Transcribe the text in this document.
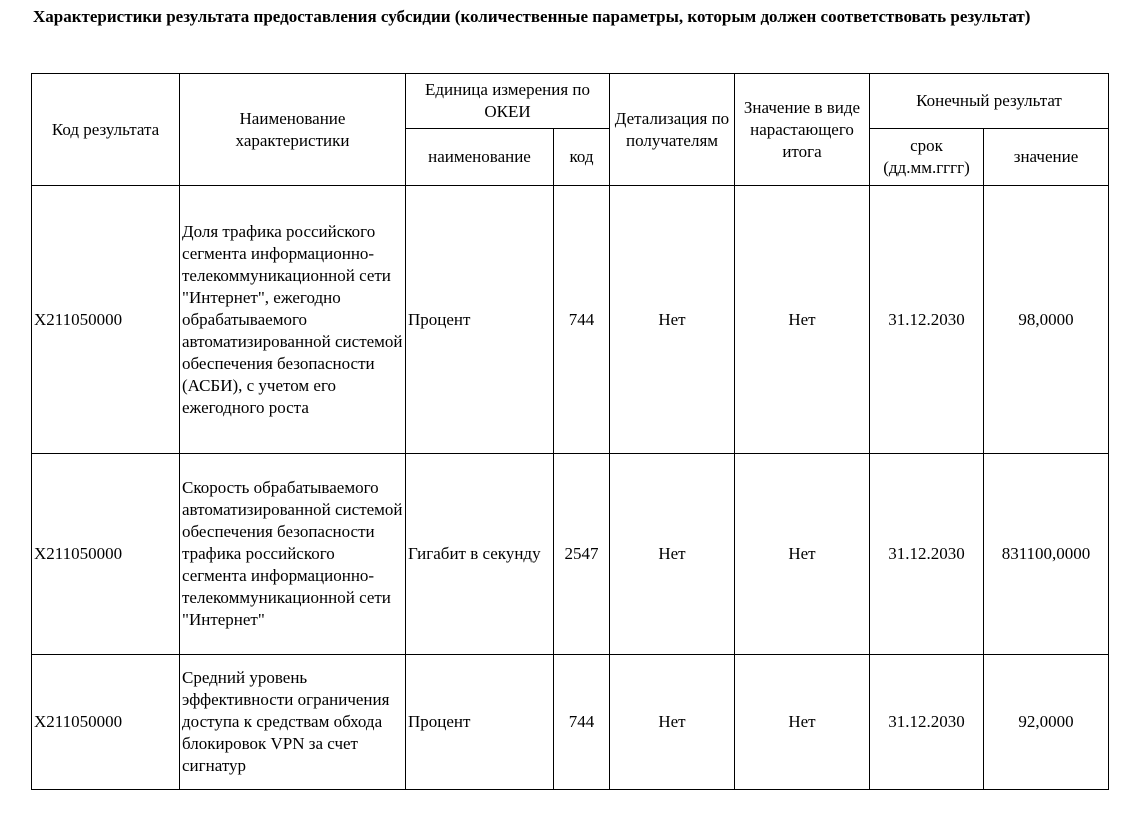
Характеристики результата предоставления субсидии (количественные параметры, которым должен соответствовать результат)
Код результата	Наименование характеристики	Единица измерения по ОКЕИ		Детализация по получателям	Значение в виде нарастающего итога	Конечный результат	
		наименование	код			срок (дд.мм.гггг)	значение
Х211050000	Доля трафика российского сегмента информационно-телекоммуникационной сети "Интернет", ежегодно обрабатываемого автоматизированной системой обеспечения безопасности (АСБИ), с учетом его ежегодного роста	Процент	744	Нет	Нет	31.12.2030	98,0000
Х211050000	Скорость обрабатываемого автоматизированной системой обеспечения безопасности трафика российского сегмента информационно-телекоммуникационной сети "Интернет"	Гигабит в секунду	2547	Нет	Нет	31.12.2030	831100,0000
Х211050000	Средний уровень эффективности ограничения доступа к средствам обхода блокировок VPN за счет сигнатур	Процент	744	Нет	Нет	31.12.2030	92,0000
